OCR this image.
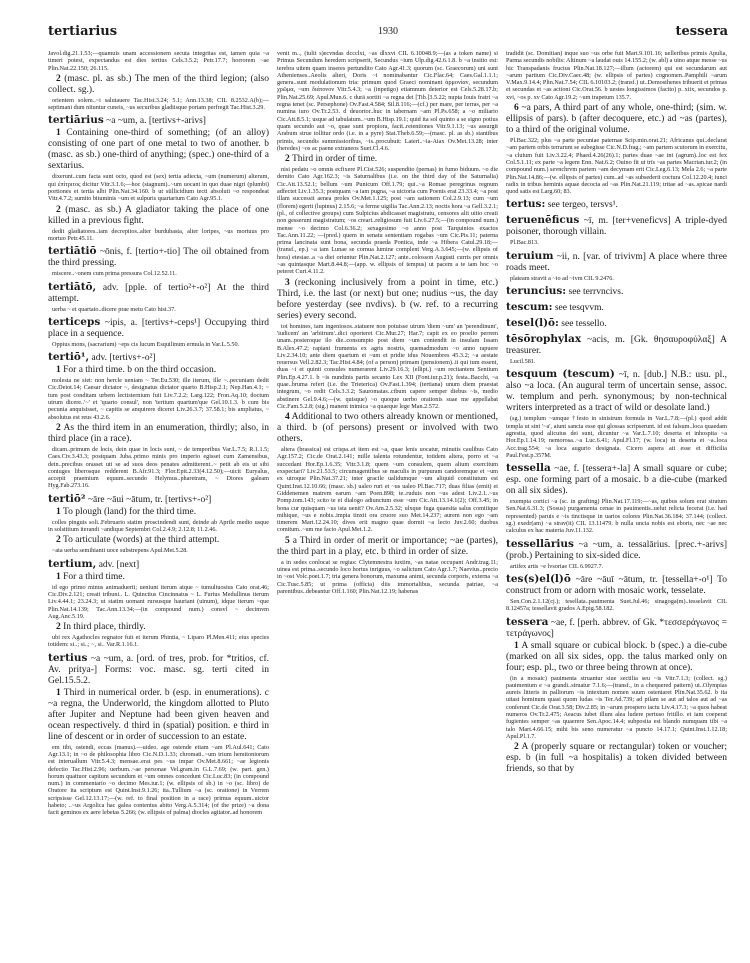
tertiarius	1930	tessera

Javol.dig.21.1.53;—quamuis unam accessionem secuta integritas est, tamen quia ~a timeri potest, expectandus est dies tertius Cels.3.5.2; Petr.17.7; horrorem ~ae Plin.Nat.22.150; 26.115.

2 (masc. pl. as sb.) The men of the third legion; (also collect. sg.).

orientem solem..~i salutauere Tac.Hist.3.24; 5.1; Ann.13.38; CIL 8.2532.A(b);—septimani dum nituntur cuneis, ~us securibus gladiisque portam perfregit Tac.Hist.3.29.

tertiārius ~a ~um, a. [tertivs+-arivs]

1 Containing one-third of something; (of an alloy) consisting of one part of one metal to two of another. b (masc. as sb.) one-third of anything; (spec.) one-third of a sextarius.

dixerunt..cum facta sunt octo, quod est (sex) tertia adiecta, ~um (numerum) alterum, qui ἐπίτριτος dicitur Vitr.3.1.6;—hoc (stagnum)..~um uocant in quo duae nigri (plumbi) portiones et tertia albi Plin.Nat.34.160. b ut stillicidium tecti absoluti ~o respondeat Vitr.4.7.2; sumito bituminis ~um et sulpuris quartarium Cato Agr.95.1.

2 (masc. as sb.) A gladiator taking the place of one killed in a previous fight.

dedit gladiatores..iam decrepitos..alter burdubasta, alter loripes, ~us mortuus pro mortuo Petr.45.11.

tertiātiō ~ōnis, f. [tertio+-tio] The oil obtained from the third pressing.

miscere..~onem cum prima pressura Col.12.52.11.

tertiātō, adv. [pple. of tertio²+-o²] At the third attempt.

uerba ~ et quartato..dicere prae metu Cato hist.37.

terticeps ~ipis, a. [tertivs+-ceps¹] Occupying third place in a sequence.

Oppius mons, (sacrarium) ~eps cis lucum Esquilinum ermula in Var.L.5.50.

tertiō¹, adv. [tertivs+-o²]

1 For a third time. b on the third occasion.

molesta ne siet: non hercle ueniam ~ Ter.Eu.530; ille iterum, ille ~..pecuniam dedit Cic.Deiot.14; Caesar dictator ~, designatus dictator quarto B.Hisp.2.1; Nep.Han.4.1; ~ tum post conditam urbem lectisternium fuit Liv.7.2.2; Larg.122; Fron.Aq.10; doctum uirum dicere..'~' et 'quarto consul', non 'tertium quartum'que Gel.10.1.3. b cum bis pecunia anquisisset, ~ capitis se anquirere diceret Liv.26.3.7; 37.58.1; bis ampliatus, ~ absolutus est reus 43.2.6.

2 As the third item in an enumeration, thirdly; also, in third place (in a race).

dicam..primum de locis, dein quae in locis sunt, ~ de temporibus Var.L.7.5; R.1.1.5; Caes.Civ.3.43.3; postquam Juba..primo minis pro imperio egisset cum Zamensibus, dein..precibus orasset uti se ad suos deos penates admitterent..~ petit ab eis ut sibi coniuges liberosque redderent B.Afr.91.3; Flor.Epit.2.33(4.12.50);—uicit Euryalus, accepit praemium equum..secundo Helymus..pharetram, ~ Diores galeam Hyg.Fab.273.16.

tertiō² ~āre ~āui ~ātum, tr. [tertivs+-o²]

1 To plough (land) for the third time.

colles pinguis soli..Februario statim proscindendi sunt, deinde ab Aprile medio usque in solstitium iterandi ~andique Septembri Col.2.4.9; 2.12.8; 11.2.46.

2 To articulate (words) at the third attempt.

~ata uerba semihianti uoce substrepens Apul.Met.5.28.

tertium, adv. [next]

1 For a third time.

id ego primo minus animaduerti; ueniunt iterum atque ~ tumultuosius Cato orat.46; Cic.Div.2.121; creati tribuni.. L. Quinctius Cincinnatus ~ L. Furius Medullinus iterum Liv.4.44.1; 23.24.3; ut statim uomant rursusque hauriant (uinum), idque iterum ~que Plin.Nat.14.139; Tac.Ann.13.34;—(in compound num.) consvl ~ decimvm Aug.Anc.5.19.

2 In third place, thirdly.

ubi rex Agathocles regnator fuit et iterum Phintia, ~ Liparo Pl.Men.411; eius species totidem: si..; si..; ~, si.. Var.R.1.16.1.

tertius ~a ~um, a. [ord. of tres, prob. for *tritios, cf. Av. pritya-] Forms: voc. masc. sg. terti cited in Gel.15.5.2.

1 Third in numerical order. b (esp. in enumerations). c ~a regna, the Underworld, the kingdom allotted to Pluto after Jupiter and Neptune had been given heaven and ocean respectively. d third in (spatial) position. e third in line of descent or in order of succession to an estate.

em tibi, ostendi, eccas (manus).—uideo. age ostende etiam ~am Pl.Aul.641; Cato Agr.13.1; in ~o de philosophia libro Cic.N.D.1.33; chromati..~um trium hemitoniorum est interuallum Vitr.5.4.3; mensae..erat pes ~us impar Ov.Met.8.661; ~ae legionis defectio Tac.Hist.2.96; uerbum..~ae personae Vel.gram.in G.L.7.69; (w. part. gen.) horum quattuor capitum secundum et ~um omnes concedunt Cic.Luc.83; (in compound num.) in commentario ~o decimo Mes.iur.1; (w. ellipsis of sb.) in ~o (sc. libro) de Oratore ita scriptum est Quint.Inst.9.1.26; ita..Tullium ~a (sc. oratione) in Verrem scripsisse Gel.12.13.17;—(w. ref. to final position in a race) primus equum..uictor habeto; ..~us Argolica hac galea contentus abito Verg.A.5.314; (of the prize) ~a dona facit geminos ex aere lebetas 5.266; (w. ellipsis of palma) diocles agitator..ad honorem

venit m.., (tulit s)ecvndas dccclxi, ~as dlxxvi CIL 6.10048.9;—(as a token name) si Primus Secundum heredem scripserit, Secundus ~ium Ulp.dig.42.6.1.8. b ~a insitio est: terebra uitem quam inseres pertundito Cato Agr.41.3; quorum (sc. Graecorum) uni sunt Athenienses..Aeolis alteri, Doris ~i nominabantur Cic.Flac.64; Caes.Gal.1.1.1; genera..sunt modulationum tria: primum quod Graeci nominant ἁρμονίαν, secundum χρῶμα, ~um διάτονον Vitr.5.4.3; ~a (inpetigo) etiamnum deterior est Cels.5.28.17.b; Plin.Nat.25.69; Apul.Mun.6. c durā sortiti ~a regna dei [Tib.]3.5.22; nupta Iouis fratri ~a regna tenet (sc. Persephone) Ov.Fast.4.584; Sil.8.116;—(cf.) per mare, per terras, per ~a numina iuro Ov.Tr.2.53. d deuortor..huc in tabernam ~am Pl.Ps.658; a ~o miliario Cic.Att.8.5.1; usque ad tabulatum..~um B.Hisp.19.1; quid ita sol quinto a se signo potius quam secundo aut ~o, quae sunt propiora, facit..retentiones Vitr.9.1.13; ~us assurgit Arabum strue tollitur ordo (i.e. in a pyre) Stat.Theb.6.59;—(masc. pl. as sb.) stantibus primis, secundis summissioribus, ~is..procubuit: Lateri..~ia-Aiax Ov.Met.13.28; inter (heredes) ~os ac paene extraneos Suet.Cl.4.6.

2 Third in order of time.

nisi pedatu ~o omnis ecfixere Pl.Cist.526; suspendito (pernas) in fumo biduum. ~o die demito Cato Agr.162.3; ~is Saturnalibus (i.e. on the third day of the Saturnalia) Cic.Att.13.52.1; bellum ~um Punicum Off.1.79; qui..~a Romae peregrinus regnum adfectet Liv.1.35.3; postquam ~a iam pugna, ~a uictoria cum Poenis erat 23.33.4; ~a post illam successit aenea proles Ov.Met.1.125; post ~am sationem Col.2.9.13; cum ~um (florem) egerit (lupinus) 2.15.6; ~a ferme uigilia Tac.Ann.2.13; noctis hora ~a Gell.3.2.1; (pl., of collective groups) cum Sulpicius abdicasset magistratu, censores alii uitio creati non gesserunt magistratum; ~os creari..religiosum fuit Liv.6.27.5;—(in compound num.) mense ~o decimo Col.6.36.2; sexagesimo ~o anno post Tarquinios exactos Tac.Ann.11.22; —(pred.) quem in senatu sententiam rogabas ~um Cic.Pis.11; paterna prima lancinata sunt bona, secunda praeda Pontica, inde ~a Hibera Catul.29.18;—(transf., ep.) ~a iam Lunae se cornua lumine complent Verg.A.3.645;—(w. ellipsis of hora) etesiae..a ~a diei oriuntur Plin.Nat.2.127; ante..colosson Augusti curris per omnis ~as quintasque Mart.8.44.8;—(app. w. ellipsis of tempus) ut pacem a te iam hoc ~o peteret Curt.4.11.2.

3 (reckoning inclusively from a point in time, etc.) Third, i.e. the last (or next) but one; nudius ~us, the day before yesterday (see nvdivs). b (w. ref. to a recurring series) every second.

tot homines, tam ingeniosos..statuere non potuisse utrum 'diem ~um' an 'perendinum', 'iudicem' an 'arbitrum'..dici oporteret Cic.Mur.27; Har.7; capit ex eo proelio perrem unam..posteroque ilo die..consumpto post diem ~um contendit in insulam Issam B.Alex.47.2; rapiant frumenta ex agris nostris, quemadmodum ~o anno rapuere Liv.2.34.10; ante diem quartum et ~um et pridie idus Nouembres 45.3.2; ~a aestate reuersus Vell.2.82.3; Tac.Hist.4.84; (of a person) primam (pensionem)..ii qui tum essent, duas ~i et quinti consules numerarent Liv.29.16.3; (ellipt.) ~um recitantem Sentium Plin.Ep.4.27.1. b ~is nundinis partis secanto Lex XII (Font.iur.p.21); festa..Bacchi, ~a quae..bruma refert (i.e. the Trieterica) Ov.Fast.1.394; (tertiana) unum diem praestat integrum, ~o redit Cels.3.3.2; Sauromatas..cibum capere semper diebus ~is, medio abstinere Gel.9.4.6;—(w. quisque) ~o quoque uerbo orationis suae me appellabat Cic.Fam.5.2.8; (sig.) manent inimica ~a quaeque lege Man.2.572.

4 Additional to two others already known or mentioned, a third. b (of persons) present or involved with two others.

altera (brassica) est crispa..et item est ~a, quae lenis uocatur, minutis caulibus Cato Agr.157.2; Cic.de Orat.2.141; mille talenta rotundentur, totidem altera, porro et ~a succedant Hor.Ep.1.6.35; Vitr.3.1.8; quem ~um consulem, quem alium exercitum exspectari? Liv.21.53.5; circumagentibus se maculis in purpuram candoremque et ~um ex utroque Plin.Nat.37.21; inter gracile ualidumque ~um aliquid constitutum est Quint.Inst.12.10.66; (masc. sb.) ualeo ruri et ~us ualeo Pl.Bac.717; duas filias (emit) et Giddenemen matrem earum ~am Poen.898; te..ruduis non ~us adest Liv.2.1..~us Pomp.tom.143; scito te ei dialogo adiunctum esse ~um Cic.Att.13.14.1(2); Off.3.45; in bona cur quisquam ~us ista uenit? Ov.Am.2.5.32; ulxque fuga quaesita salus comitique mihique, ~us e nobis..impia tinxit ora cruore suo Met.14.237; aurem non ego ~am timerem Mart.12.24.10; dives erit magno quae dormit ~a lecto Juv.2.60; duobus comitum..~um me facio Apul.Met.1.2.

5 a Third in order of merit or importance; ~ae (partes), the third part in a play, etc. b third in order of size.

a in sedes conlocat se regias: Clytemnestra iuxtim, ~as natae occupant Andr.trag.11; uinea est prima..secundo loco hortus inriguus, ~o salictum Cato Agr.1.7; Naevius..precio in ~ost Volc.poet.1.7; tria genera bonorum, maxuma animi, secunda corporis, externa ~a Cic.Tusc.5.85; ut prima (officia) diis immortalibus, secunda patriae, ~a parentibus..debeantur Off.1.160; Plin.Nat.12.19; habenas

tradidit (sc. Domitian) inque suo ~us orbe fuit Mart.9.101.16; uelleribus primis Apulia, Parma secundis nobilis: Altinum ~a laudat ouis 14.155.2; (w. abl) a uino atque messe ~us hic Transpadanis fructus Plin.Nat.18.127;—illum (actorem) qui est secundarum aut ~arum partium Cic.Div.Caec.48; (w. ellipsis of partes) cognomen..Pamphili ~arum V.Max.9.14.4; Plin.Nat.7.54; CIL 6.10103.2; (transf.) ut..Demosthenes tribuerit et primas et secundas et ~as actioni Cic.Orat.56. b uestes longissimos (facito) p. xiix, secundos p. xvi, ~os p. xv Cato Agr.19.2; ~um trapetum 135.7.

6 ~a pars, A third part of any whole, one-third; (sim. w. ellipsis of pars). b (after decoquere, etc.) ad ~as (partes), to a third of the original volume.

Pl.Bac.322; plus ~a parte pecuniae paternae Scip.min.orat.21; Africanus qui..declarat ~am partem orbis terrarum se subegisse Cic.N.D.frag.; ~am partem scutorum in exercitu, ~a cluium fuit Liv.3.22.4; Phaed.4.26(26).1; partes duae ~ae int (agrum)..loc est fex Col.5.1.11; ex parte ~a legem Enn. Nat.6.2; Ouino fit ut trīs ~as partes Macrian.iur.2; (in compound num.) sevnchrvm partem ~am decymam erit Cic.Leg.6.13; Mela 2.6; ~a parte Plin.Nat.14.86;—(w. ellipsis of partes) cum..ad ~as subsederit coctura Col.12.20.4; iunci radix in tribus heminis aquae decocta ad ~as Plin.Nat.21.119; tritae ad ~as..spicae nardi quod satis est Larg.60; 83.

tertus: see tergeo, tersvs¹.

teruenēficus ~ī, m. [ter+veneficvs] A triple-dyed poisoner, thorough villain.

Pl.Bac.813.

teruium ~ii, n. [var. of trivivm] A place where three roads meet.

plateam stravit a ~io ad ~ivm CIL 9.2476.

teruncius: see terrvncivs.

tescum: see tesqvvm.

tesel(l)ō: see tessello.

tēsōrophylax ~acis, m. [Gk. θησαυροφύλαξ] A treasurer.

Lucil.581.

tesquum (tescum) ~ī, n. [dub.] N.B.: usu. pl., also ~a loca. (An augural term of uncertain sense, assoc. w. templum and perh. synonymous; by non-technical writers interpreted as a tract of wild or desolate land.)

(sg.) templum ~umque †festo in sinistrum formula in Var.L.7.8;—(pl.) quod addit templa ut sint '~a', aiunt sancta esse qui glossas scripserunt. id est falsum..loca quaedam agrestia, quod alicuius dei sunt, dicuntur ~a Var.L.7.10; deserta et inhospita ~a Hor.Ep.1.14.19; nemorosa..~a Luc.6.41; Apul.Fl.17; (w. loca) in deserta et ~a..loca Acc.trag.554; ~a loca augurio designata. Cicero aspera ait esse et difficilia Paul.Fest.p.357M.

tessella ~ae, f. [tessera+-la] A small square or cube; esp. one forming part of a mosaic. b a die-cube (marked on all six sides).

exempta cortici ~a (sc. in grafting) Plin.Nat.17.119;—~as, quibus solum erat stratum Sen.Nat.6.31.3; (Sosus) purgamenta cenae in pauimentis..uelut relicta fecerat (i.e. had represented) paruis e ~is tinctisque in uarios colores Plin.Nat.36.184; 37.144; (collect. sg.) exedr(am) ~a strav(it) CIL 13.11479. b nulla uncia nobis est eboris, nec ~ae nec calculus ex hac materia Juv.11.132.

tessellārius ~a ~um, a. tessalārius. [prec.+-arivs] (prob.) Pertaining to six-sided dice.

artifex artis ~e lvsoriae CIL 6.9927.7.

tes(s)el(l)ō ~āre ~āuī ~ātum, tr. [tessella+-o¹] To construct from or adorn with mosaic work, tesselate.

Sen.Con.2.1.12(cj.); tesellata..pauimenta Suet.Jul.46; sinagoga(m)..tesselavit CIL 8.12457a; tessellavit grados A.Epig.58.182.

tessera ~ae, f. [perh. abbrev. of Gk. *τεσσεράγωνος = τετράγωνος]

1 A small square or cubical block. b (spec.) a die-cube (marked on all six sides, opp. the talus marked only on four; esp. pl., two or three being thrown at once).

(in a mosaic) pauimenta struantur siue sectilia seu ~is Vitr.7.1.3; (collect. sg.) pauimentum e ~a grandi..struatur 7.1.6;—(transf., in a chequered pattern) ut..Olympias aureis litteris in palliorum ~is intextum nomen suum ostentaret Plin.Nat.35.62. b ita uitast hominum quasi quom ludas ~is Ter.Ad.739; ad pilam se aut ad talos aut ad ~as conferunt Cic.de Orat.3.58; Div.2.85; in ~arum prospero iactu Liv.4.17.3; ~a quos habeat numeros Ov.Tr.2.475; Aeacus iubet illum alea ludere pertuso fritillo. et iam coeperat fugientes semper ~as quaerere Sen.Apoc.14.4; subposita est blando numquam tibi ~a talo Mart.4.66.15; mihi bis seno numeratur ~a puncto 14.17.1; Quint.Inst.1.12.18; Apul.Pl.1.7.

2 A (properly square or rectangular) token or voucher; esp. b (in full ~a hospitalis) a token divided between friends, so that by
